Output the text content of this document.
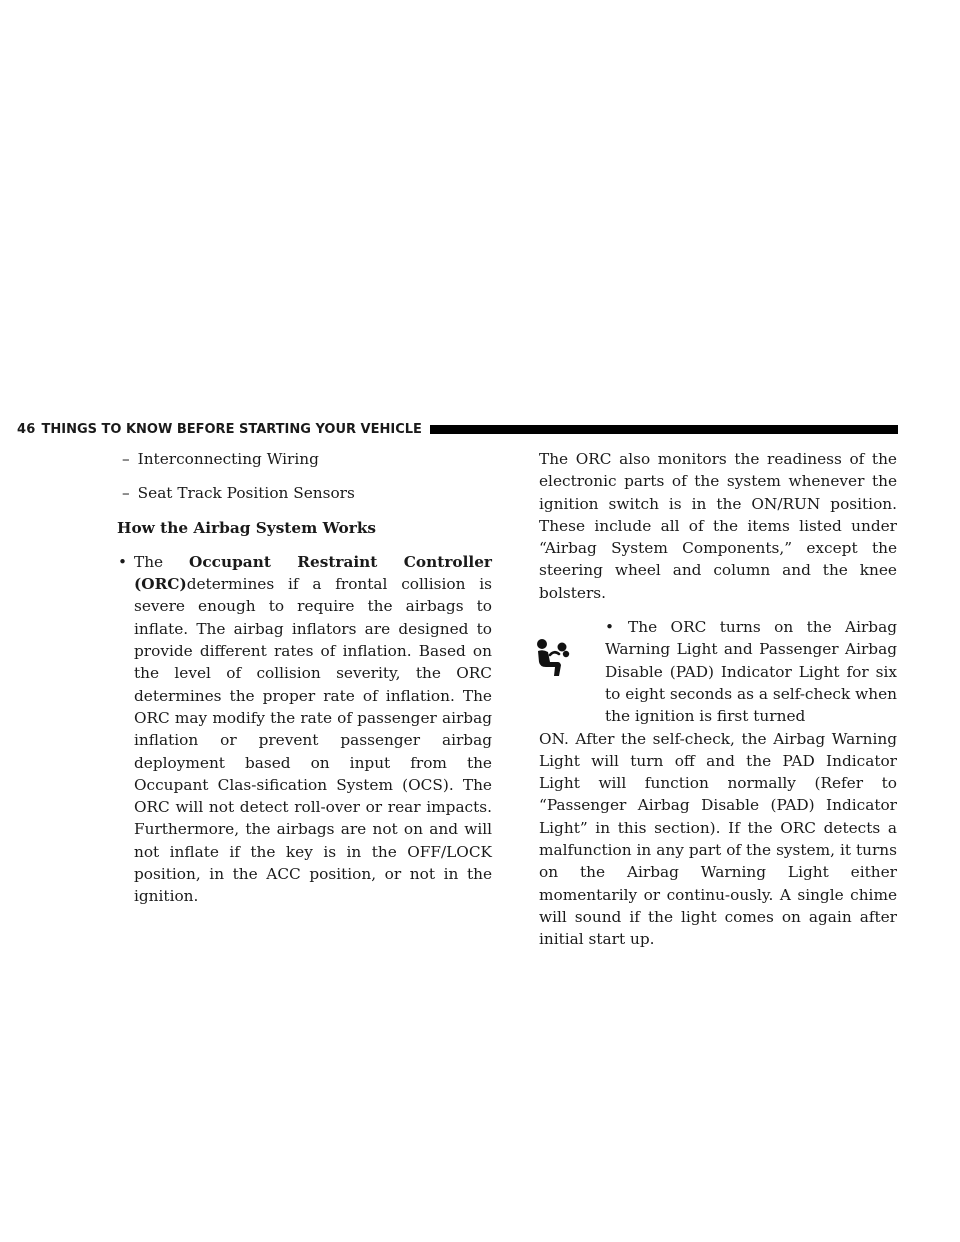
46 THINGS TO KNOW BEFORE STARTING YOUR VEHICLE
– Interconnecting Wiring
– Seat Track Position Sensors
How the Airbag System Works
• The Occupant Restraint Controller (ORC)determines if a frontal collision is severe enough to require the airbags to inflate. The airbag inflators are designed to provide different rates of inflation. Based on the level of collision severity, the ORC determines the proper rate of inflation. The ORC may modify the rate of passenger airbag inflation or prevent passenger airbag deployment based on input from the Occupant Clas-sification System (OCS). The ORC will not detect roll-over or rear impacts. Furthermore, the airbags are not on and will not inflate if the key is in the OFF/LOCK position, in the ACC position, or not in the ignition.

The ORC also monitors the readiness of the electronic parts of the system whenever the ignition switch is in the ON/RUN position. These include all of the items listed under “Airbag System Components,” except the steering wheel and column and the knee bolsters.

• The ORC turns on the Airbag Warning Light and Passenger Airbag Disable (PAD) Indicator Light for six to eight seconds as a self-check when the ignition is first turned
ON. After the self-check, the Airbag Warning Light will turn off and the PAD Indicator Light will function normally (Refer to “Passenger Airbag Disable (PAD) Indicator Light” in this section). If the ORC detects a malfunction in any part of the system, it turns on the Airbag Warning Light either momentarily or continu-ously. A single chime will sound if the light comes on again after initial start up.
